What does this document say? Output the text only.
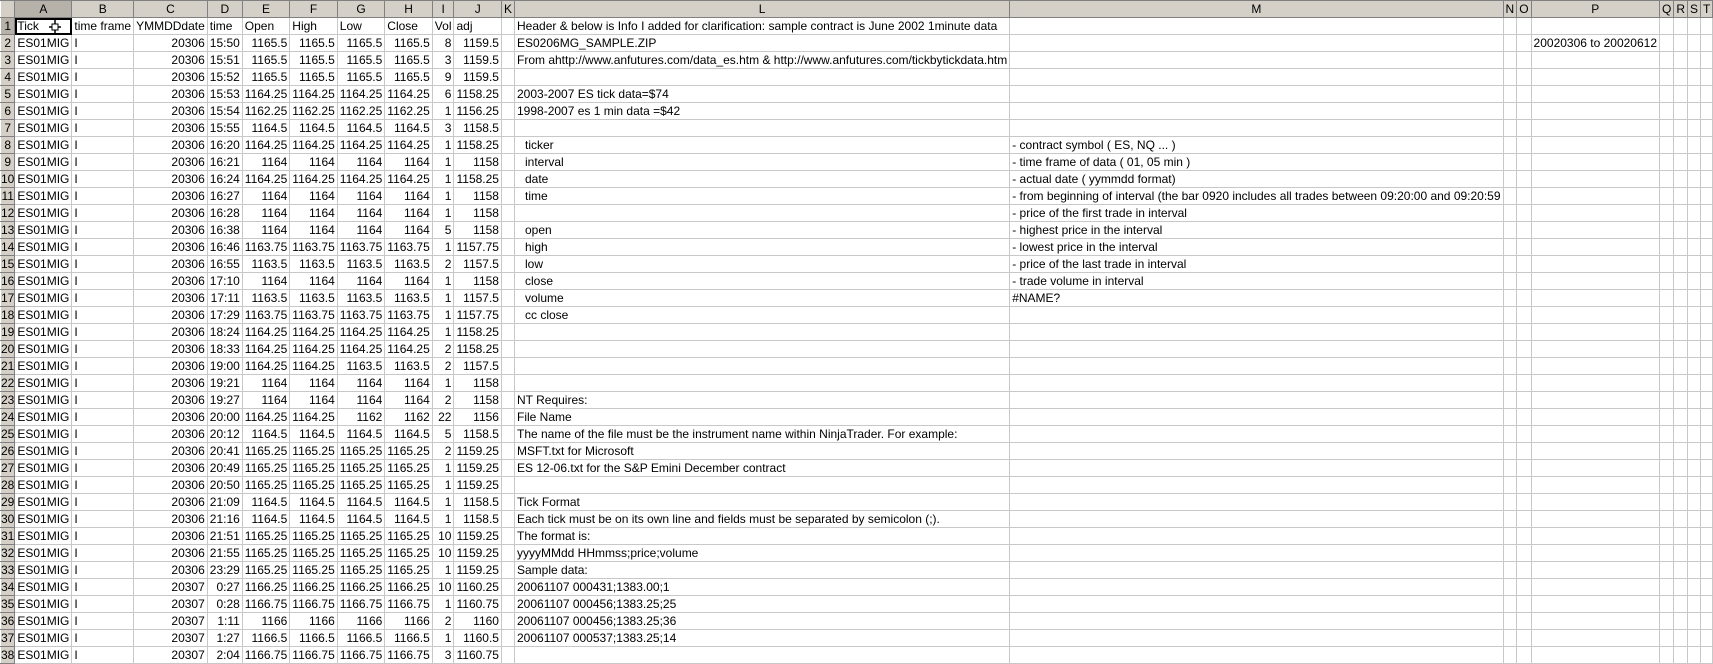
	A	B	C	D	E	F	G	H	I	J	K	L	M	N	O	P	Q	R	S	T
1	Tick	time frame	YMMDDdate	time	Open	High	Low	Close	Vol	adj		Header & below is Info I added for clarification: sample contract is June 2002 1minute data								
2	ES01MIG	I	20306	15:50	1165.5	1165.5	1165.5	1165.5	8	1159.5		ES0206MG_SAMPLE.ZIP				20020306 to 20020612				
3	ES01MIG	I	20306	15:51	1165.5	1165.5	1165.5	1165.5	3	1159.5		From ahttp://www.anfutures.com/data_es.htm & http://www.anfutures.com/tickbytickdata.htm								
4	ES01MIG	I	20306	15:52	1165.5	1165.5	1165.5	1165.5	9	1159.5										
5	ES01MIG	I	20306	15:53	1164.25	1164.25	1164.25	1164.25	6	1158.25		2003-2007 ES tick data=$74								
6	ES01MIG	I	20306	15:54	1162.25	1162.25	1162.25	1162.25	1	1156.25		1998-2007 es 1 min data =$42								
7	ES01MIG	I	20306	15:55	1164.5	1164.5	1164.5	1164.5	3	1158.5										
8	ES01MIG	I	20306	16:20	1164.25	1164.25	1164.25	1164.25	1	1158.25		ticker	- contract symbol ( ES, NQ ... )							
9	ES01MIG	I	20306	16:21	1164	1164	1164	1164	1	1158		interval	- time frame of data ( 01, 05 min )							
10	ES01MIG	I	20306	16:24	1164.25	1164.25	1164.25	1164.25	1	1158.25		date	- actual date ( yymmdd format)							
11	ES01MIG	I	20306	16:27	1164	1164	1164	1164	1	1158		time	- from beginning of interval (the bar 0920 includes all trades between 09:20:00 and 09:20:59							
12	ES01MIG	I	20306	16:28	1164	1164	1164	1164	1	1158			- price of the first trade in interval							
13	ES01MIG	I	20306	16:38	1164	1164	1164	1164	5	1158		open	- highest price in the interval							
14	ES01MIG	I	20306	16:46	1163.75	1163.75	1163.75	1163.75	1	1157.75		high	- lowest price in the interval							
15	ES01MIG	I	20306	16:55	1163.5	1163.5	1163.5	1163.5	2	1157.5		low	- price of the last trade in interval							
16	ES01MIG	I	20306	17:10	1164	1164	1164	1164	1	1158		close	- trade volume in interval							
17	ES01MIG	I	20306	17:11	1163.5	1163.5	1163.5	1163.5	1	1157.5		volume	#NAME?							
18	ES01MIG	I	20306	17:29	1163.75	1163.75	1163.75	1163.75	1	1157.75		cc close								
19	ES01MIG	I	20306	18:24	1164.25	1164.25	1164.25	1164.25	1	1158.25										
20	ES01MIG	I	20306	18:33	1164.25	1164.25	1164.25	1164.25	2	1158.25										
21	ES01MIG	I	20306	19:00	1164.25	1164.25	1163.5	1163.5	2	1157.5										
22	ES01MIG	I	20306	19:21	1164	1164	1164	1164	1	1158										
23	ES01MIG	I	20306	19:27	1164	1164	1164	1164	2	1158		NT Requires:								
24	ES01MIG	I	20306	20:00	1164.25	1164.25	1162	1162	22	1156		File Name								
25	ES01MIG	I	20306	20:12	1164.5	1164.5	1164.5	1164.5	5	1158.5		The name of the file must be the instrument name within NinjaTrader. For example:								
26	ES01MIG	I	20306	20:41	1165.25	1165.25	1165.25	1165.25	2	1159.25		MSFT.txt for Microsoft								
27	ES01MIG	I	20306	20:49	1165.25	1165.25	1165.25	1165.25	1	1159.25		ES 12-06.txt for the S&P Emini December contract								
28	ES01MIG	I	20306	20:50	1165.25	1165.25	1165.25	1165.25	1	1159.25										
29	ES01MIG	I	20306	21:09	1164.5	1164.5	1164.5	1164.5	1	1158.5		Tick Format								
30	ES01MIG	I	20306	21:16	1164.5	1164.5	1164.5	1164.5	1	1158.5		Each tick must be on its own line and fields must be separated by semicolon (;).								
31	ES01MIG	I	20306	21:51	1165.25	1165.25	1165.25	1165.25	10	1159.25		The format is:								
32	ES01MIG	I	20306	21:55	1165.25	1165.25	1165.25	1165.25	10	1159.25		yyyyMMdd HHmmss;price;volume								
33	ES01MIG	I	20306	23:29	1165.25	1165.25	1165.25	1165.25	1	1159.25		Sample data:								
34	ES01MIG	I	20307	0:27	1166.25	1166.25	1166.25	1166.25	10	1160.25		20061107 000431;1383.00;1								
35	ES01MIG	I	20307	0:28	1166.75	1166.75	1166.75	1166.75	1	1160.75		20061107 000456;1383.25;25								
36	ES01MIG	I	20307	1:11	1166	1166	1166	1166	2	1160		20061107 000456;1383.25;36								
37	ES01MIG	I	20307	1:27	1166.5	1166.5	1166.5	1166.5	1	1160.5		20061107 000537;1383.25;14								
38	ES01MIG	I	20307	2:04	1166.75	1166.75	1166.75	1166.75	3	1160.75										
